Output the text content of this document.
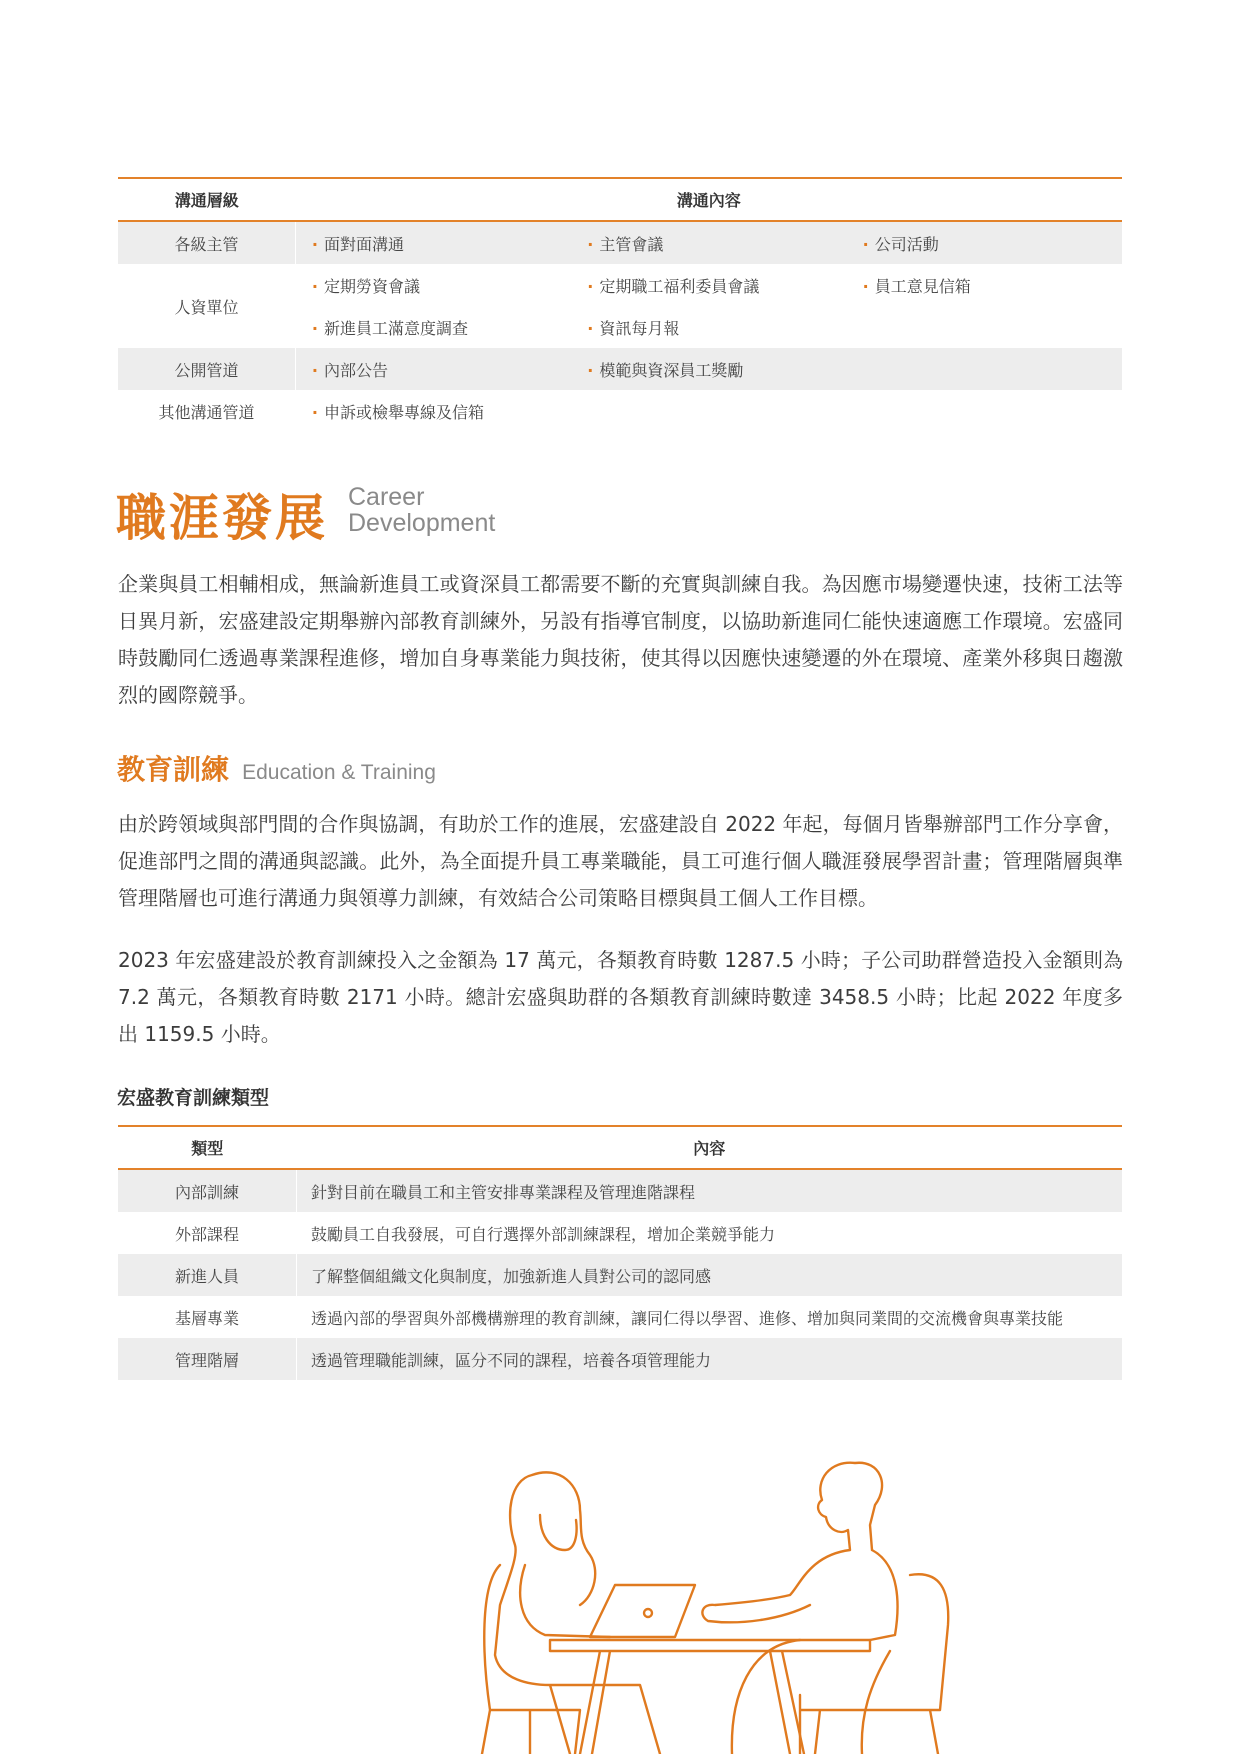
溝通層級	溝通內容		
各級主管	· 面對面溝通	· 主管會議	· 公司活動
人資單位	· 定期勞資會議	· 定期職工福利委員會議	· 員工意見信箱
	· 新進員工滿意度調查	· 資訊每月報	
公開管道	· 內部公告	· 模範與資深員工獎勵	
其他溝通管道	· 申訴或檢舉專線及信箱		
職涯發展 Career
Development

企業與員工相輔相成，無論新進員工或資深員工都需要不斷的充實與訓練自我。為因應市場變遷快速，技術工法等日異月新，宏盛建設定期舉辦內部教育訓練外，另設有指導官制度，以協助新進同仁能快速適應工作環境。宏盛同時鼓勵同仁透過專業課程進修，增加自身專業能力與技術，使其得以因應快速變遷的外在環境、產業外移與日趨激烈的國際競爭。

教育訓練 Education & Training

由於跨領域與部門間的合作與協調，有助於工作的進展，宏盛建設自 2022 年起，每個月皆舉辦部門工作分享會，促進部門之間的溝通與認識。此外，為全面提升員工專業職能，員工可進行個人職涯發展學習計畫；管理階層與準管理階層也可進行溝通力與領導力訓練，有效結合公司策略目標與員工個人工作目標。

2023 年宏盛建設於教育訓練投入之金額為 17 萬元，各類教育時數 1287.5 小時；子公司助群營造投入金額則為 7.2 萬元，各類教育時數 2171 小時。總計宏盛與助群的各類教育訓練時數達 3458.5 小時；比起 2022 年度多出 1159.5 小時。

宏盛教育訓練類型
類型	內容
內部訓練	針對目前在職員工和主管安排專業課程及管理進階課程
外部課程	鼓勵員工自我發展，可自行選擇外部訓練課程，增加企業競爭能力
新進人員	了解整個組織文化與制度，加強新進人員對公司的認同感
基層專業	透過內部的學習與外部機構辦理的教育訓練，讓同仁得以學習、進修、增加與同業間的交流機會與專業技能
管理階層	透過管理職能訓練，區分不同的課程，培養各項管理能力
